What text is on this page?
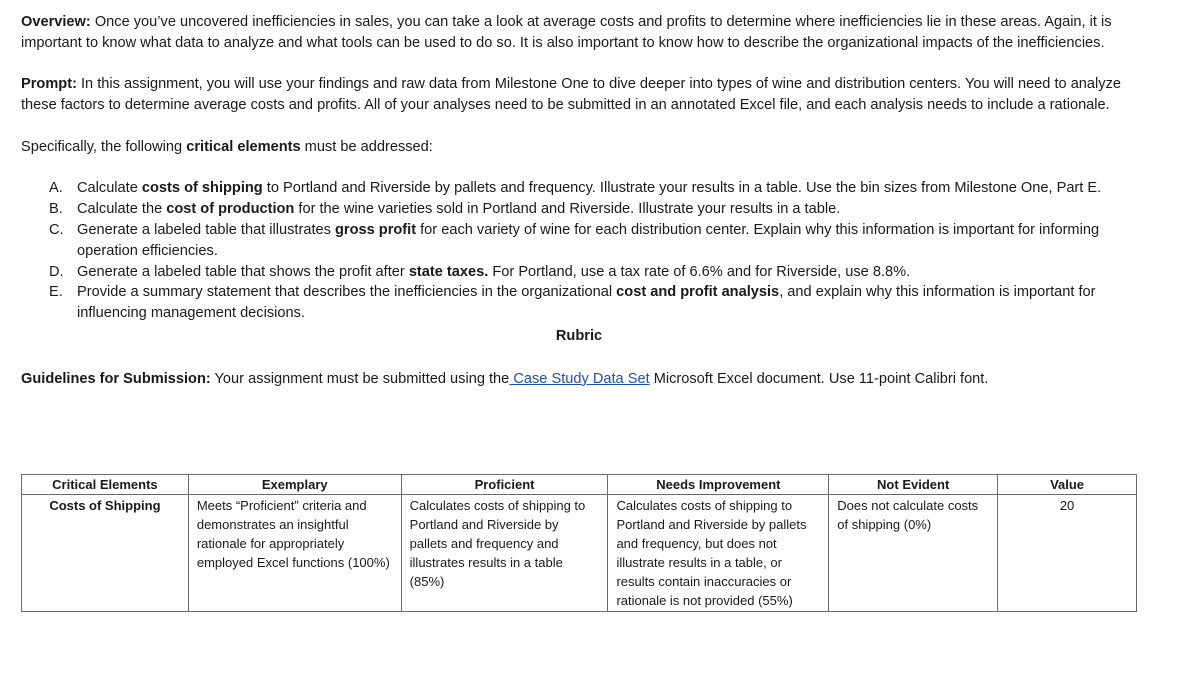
Overview: Once you’ve uncovered inefficiencies in sales, you can take a look at average costs and profits to determine where inefficiencies lie in these areas. Again, it is important to know what data to analyze and what tools can be used to do so. It is also important to know how to describe the organizational impacts of the inefficiencies.

Prompt: In this assignment, you will use your findings and raw data from Milestone One to dive deeper into types of wine and distribution centers. You will need to analyze these factors to determine average costs and profits. All of your analyses need to be submitted in an annotated Excel file, and each analysis needs to include a rationale.

Specifically, the following critical elements must be addressed:

A. Calculate costs of shipping to Portland and Riverside by pallets and frequency. Illustrate your results in a table. Use the bin sizes from Milestone One, Part E.
B. Calculate the cost of production for the wine varieties sold in Portland and Riverside. Illustrate your results in a table.
C. Generate a labeled table that illustrates gross profit for each variety of wine for each distribution center. Explain why this information is important for informing operation efficiencies.
D. Generate a labeled table that shows the profit after state taxes. For Portland, use a tax rate of 6.6% and for Riverside, use 8.8%.
E. Provide a summary statement that describes the inefficiencies in the organizational cost and profit analysis, and explain why this information is important for influencing management decisions.

Rubric

Guidelines for Submission: Your assignment must be submitted using the Case Study Data Set Microsoft Excel document. Use 11-point Calibri font.

Critical Elements	Exemplary	Proficient	Needs Improvement	Not Evident	Value
Costs of Shipping	Meets “Proficient” criteria and demonstrates an insightful rationale for appropriately employed Excel functions (100%)	Calculates costs of shipping to Portland and Riverside by pallets and frequency and illustrates results in a table (85%)	Calculates costs of shipping to Portland and Riverside by pallets and frequency, but does not illustrate results in a table, or results contain inaccuracies or rationale is not provided (55%)	Does not calculate costs of shipping (0%)	20
